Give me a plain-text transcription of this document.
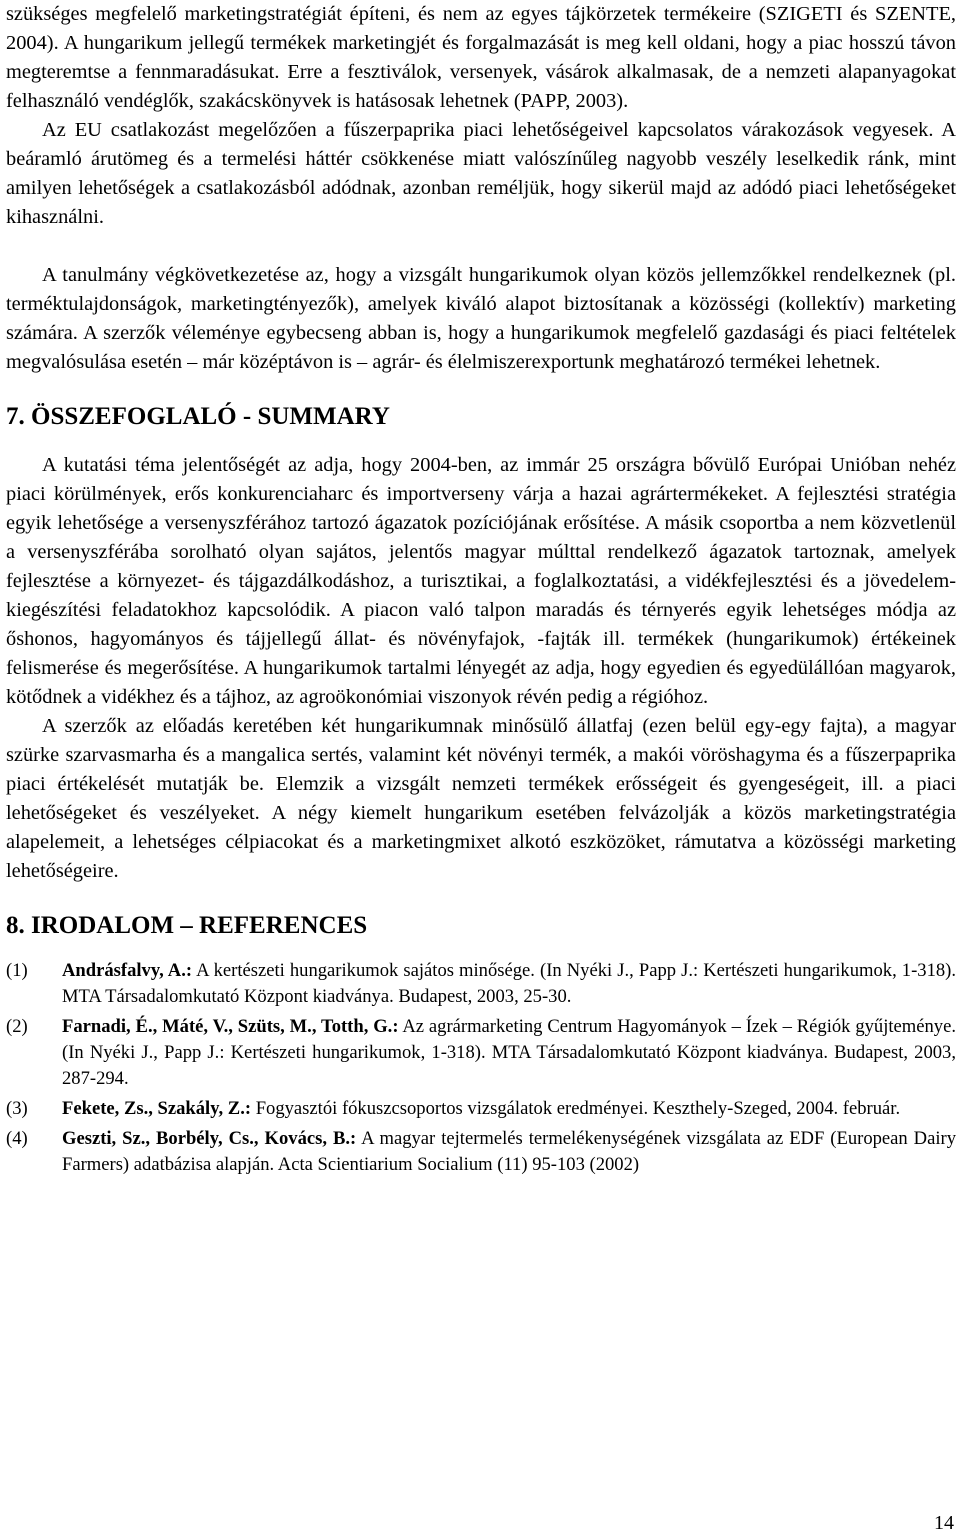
szükséges megfelelő marketingstratégiát építeni, és nem az egyes tájkörzetek termékeire (SZIGETI és SZENTE, 2004). A hungarikum jellegű termékek marketingjét és forgalmazását is meg kell oldani, hogy a piac hosszú távon megteremtse a fennmaradásukat. Erre a fesztiválok, versenyek, vásárok alkalmasak, de a nemzeti alapanyagokat felhasználó vendéglők, szakácskönyvek is hatásosak lehetnek (PAPP, 2003).

Az EU csatlakozást megelőzően a fűszerpaprika piaci lehetőségeivel kapcsolatos várakozások vegyesek. A beáramló árutömeg és a termelési háttér csökkenése miatt valószínűleg nagyobb veszély leselkedik ránk, mint amilyen lehetőségek a csatlakozásból adódnak, azonban reméljük, hogy sikerül majd az adódó piaci lehetőségeket kihasználni.

A tanulmány végkövetkezetése az, hogy a vizsgált hungarikumok olyan közös jellemzőkkel rendelkeznek (pl. terméktulajdonságok, marketingtényezők), amelyek kiváló alapot biztosítanak a közösségi (kollektív) marketing számára. A szerzők véleménye egybecseng abban is, hogy a hungarikumok megfelelő gazdasági és piaci feltételek megvalósulása esetén – már középtávon is – agrár- és élelmiszerexportunk meghatározó termékei lehetnek.

7. ÖSSZEFOGLALÓ - SUMMARY

A kutatási téma jelentőségét az adja, hogy 2004-ben, az immár 25 országra bővülő Európai Unióban nehéz piaci körülmények, erős konkurenciaharc és importverseny várja a hazai agrártermékeket. A fejlesztési stratégia egyik lehetősége a versenyszférához tartozó ágazatok pozíciójának erősítése. A másik csoportba a nem közvetlenül a versenyszférába sorolható olyan sajátos, jelentős magyar múlttal rendelkező ágazatok tartoznak, amelyek fejlesztése a környezet- és tájgazdálkodáshoz, a turisztikai, a foglalkoztatási, a vidékfejlesztési és a jövedelem-kiegészítési feladatokhoz kapcsolódik. A piacon való talpon maradás és térnyerés egyik lehetséges módja az őshonos, hagyományos és tájjellegű állat- és növényfajok, -fajták ill. termékek (hungarikumok) értékeinek felismerése és megerősítése. A hungarikumok tartalmi lényegét az adja, hogy egyedien és egyedülállóan magyarok, kötődnek a vidékhez és a tájhoz, az agroökonómiai viszonyok révén pedig a régióhoz.

A szerzők az előadás keretében két hungarikumnak minősülő állatfaj (ezen belül egy-egy fajta), a magyar szürke szarvasmarha és a mangalica sertés, valamint két növényi termék, a makói vöröshagyma és a fűszerpaprika piaci értékelését mutatják be. Elemzik a vizsgált nemzeti termékek erősségeit és gyengeségeit, ill. a piaci lehetőségeket és veszélyeket. A négy kiemelt hungarikum esetében felvázolják a közös marketingstratégia alapelemeit, a lehetséges célpiacokat és a marketingmixet alkotó eszközöket, rámutatva a közösségi marketing lehetőségeire.

8. IRODALOM – REFERENCES
(1)	Andrásfalvy, A.: A kertészeti hungarikumok sajátos minősége. (In Nyéki J., Papp J.: Kertészeti hungarikumok, 1-318). MTA Társadalomkutató Központ kiadványa. Budapest, 2003, 25-30.
(2)	Farnadi, É., Máté, V., Szüts, M., Totth, G.: Az agrármarketing Centrum Hagyományok – Ízek – Régiók gyűjteménye. (In Nyéki J., Papp J.: Kertészeti hungarikumok, 1-318). MTA Társadalomkutató Központ kiadványa. Budapest, 2003, 287-294.
(3)	Fekete, Zs., Szakály, Z.: Fogyasztói fókuszcsoportos vizsgálatok eredményei. Keszthely-Szeged, 2004. február.
(4)	Geszti, Sz., Borbély, Cs., Kovács, B.: A magyar tejtermelés termelékenységének vizsgálata az EDF (European Dairy Farmers) adatbázisa alapján. Acta Scientiarium Socialium (11) 95-103 (2002)
14
